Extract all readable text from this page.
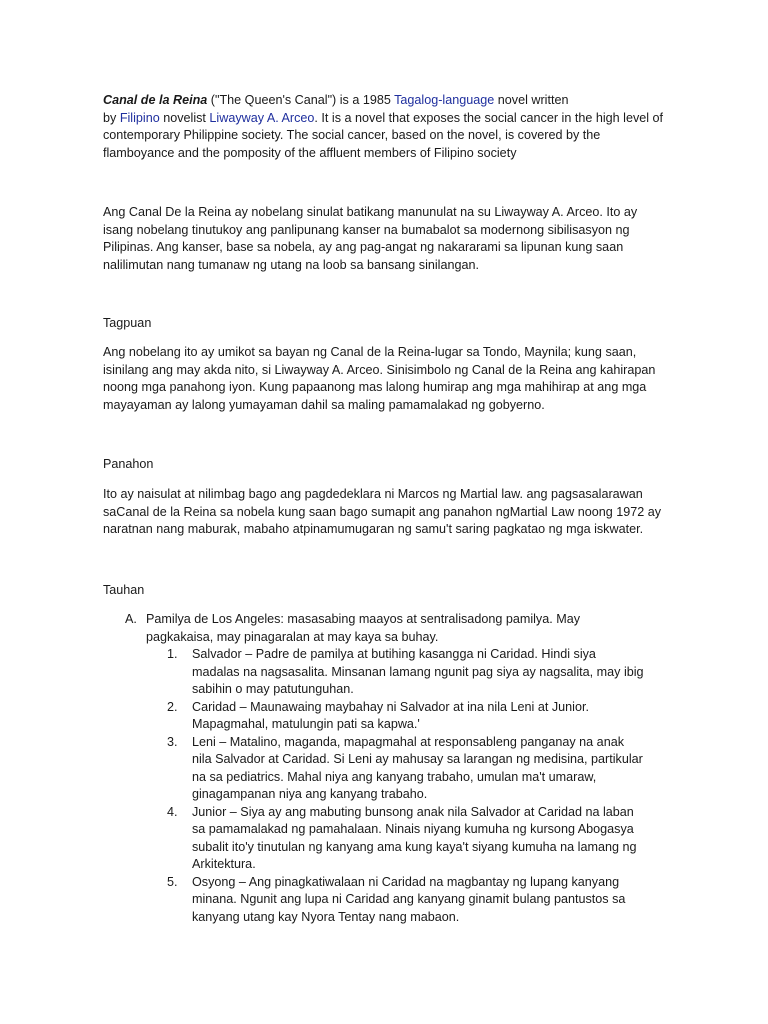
Canal de la Reina ("The Queen's Canal") is a 1985 Tagalog-language novel written
by Filipino novelist Liwayway A. Arceo. It is a novel that exposes the social cancer in the high level of contemporary Philippine society. The social cancer, based on the novel, is covered by the flamboyance and the pomposity of the affluent members of Filipino society

Ang Canal De la Reina ay nobelang sinulat batikang manunulat na su Liwayway A. Arceo. Ito ay isang nobelang tinutukoy ang panlipunang kanser na bumabalot sa modernong sibilisasyon ng Pilipinas. Ang kanser, base sa nobela, ay ang pag-angat ng nakararami sa lipunan kung saan nalilimutan nang tumanaw ng utang na loob sa bansang sinilangan.

Tagpuan

Ang nobelang ito ay umikot sa bayan ng Canal de la Reina-lugar sa Tondo, Maynila; kung saan, isinilang ang may akda nito, si Liwayway A. Arceo. Sinisimbolo ng Canal de la Reina ang kahirapan noong mga panahong iyon. Kung papaanong mas lalong humirap ang mga mahihirap at ang mga mayayaman ay lalong yumayaman dahil sa maling pamamalakad ng gobyerno.

Panahon

Ito ay naisulat at nilimbag bago ang pagdedeklara ni Marcos ng Martial law. ang pagsasalarawan saCanal de la Reina sa nobela kung saan bago sumapit ang panahon ngMartial Law noong 1972 ay naratnan nang maburak, mabaho atpinamumugaran ng samu't saring pagkatao ng mga iskwater.

Tauhan

A. Pamilya de Los Angeles: masasabing maayos at sentralisadong pamilya. May pagkakaisa, may pinagaralan at may kaya sa buhay.

1. Salvador – Padre de pamilya at butihing kasangga ni Caridad. Hindi siya madalas na nagsasalita. Minsanan lamang ngunit pag siya ay nagsalita, may ibig sabihin o may patutunguhan.
2. Caridad – Maunawaing maybahay ni Salvador at ina nila Leni at Junior. Mapagmahal, matulungin pati sa kapwa.'
3. Leni – Matalino, maganda, mapagmahal at responsableng panganay na anak nila Salvador at Caridad. Si Leni ay mahusay sa larangan ng medisina, partikular na sa pediatrics. Mahal niya ang kanyang trabaho, umulan ma't umaraw, ginagampanan niya ang kanyang trabaho.
4. Junior – Siya ay ang mabuting bunsong anak nila Salvador at Caridad na laban sa pamamalakad ng pamahalaan. Ninais niyang kumuha ng kursong Abogasya subalit ito'y tinutulan ng kanyang ama kung kaya't siyang kumuha na lamang ng Arkitektura.
5. Osyong – Ang pinagkatiwalaan ni Caridad na magbantay ng lupang kanyang minana. Ngunit ang lupa ni Caridad ang kanyang ginamit bulang pantustos sa kanyang utang kay Nyora Tentay nang mabaon.
